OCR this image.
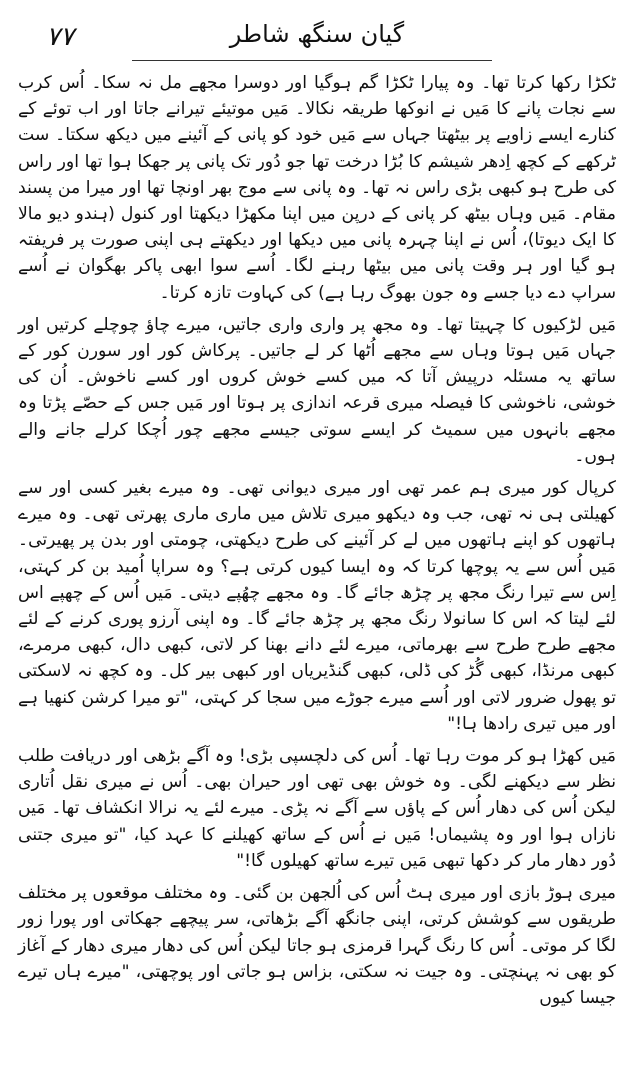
۷۷	گیان سنگھ شاطر

ٹکڑا رکھا کرتا تھا۔ وہ پیارا ٹکڑا گم ہوگیا اور دوسرا مجھے مل نہ سکا۔ اُس کرب سے نجات پانے کا مَیں نے انوکھا طریقہ نکالا۔ مَیں موتیئے تیرانے جاتا اور اب توئے کے کنارے ایسے زاویے پر بیٹھتا جہاں سے مَیں خود کو پانی کے آئینے میں دیکھ سکتا۔ ست ٹرکھے کے کچھ اِدھر شیشم کا بُڑا درخت تھا جو دُور تک پانی پر جھکا ہوا تھا اور راس کی طرح ہو کبھی بڑی راس نہ تھا۔ وہ پانی سے موج بھر اونچا تھا اور میرا من پسند مقام۔ مَیں وہاں بیٹھ کر پانی کے درپن میں اپنا مکھڑا دیکھتا اور کنول (ہندو دیو مالا کا ایک دیوتا)، اُس نے اپنا چہرہ پانی میں دیکھا اور دیکھتے ہی اپنی صورت پر فریفتہ ہو گیا اور ہر وقت پانی میں بیٹھا رہنے لگا۔ اُسے سوا ابھی پاکر بھگوان نے اُسے سراپ دے دیا جسے وہ جون بھوگ رہا ہے) کی کہاوت تازہ کرتا۔

مَیں لڑکیوں کا چہیتا تھا۔ وہ مجھ پر واری واری جاتیں، میرے چاؤ چوچلے کرتیں اور جہاں مَیں ہوتا وہاں سے مجھے اُٹھا کر لے جاتیں۔ پرکاش کور اور سورن کور کے ساتھ یہ مسئلہ درپیش آتا کہ میں کسے خوش کروں اور کسے ناخوش۔ اُن کی خوشی، ناخوشی کا فیصلہ میری قرعہ اندازی پر ہوتا اور مَیں جس کے حصّے پڑتا وہ مجھے بانہوں میں سمیٹ کر ایسے سوتی جیسے مجھے چور اُچکا کرلے جانے والے ہوں۔

کرپال کور میری ہم عمر تھی اور میری دیوانی تھی۔ وہ میرے بغیر کسی اور سے کھیلتی ہی نہ تھی، جب وہ دیکھو میری تلاش میں ماری ماری پھرتی تھی۔ وہ میرے ہاتھوں کو اپنے ہاتھوں میں لے کر آئینے کی طرح دیکھتی، چومتی اور بدن پر پھیرتی۔ مَیں اُس سے یہ پوچھا کرتا کہ وہ ایسا کیوں کرتی ہے؟ وہ سراپا اُمید بن کر کہتی، اِس سے تیرا رنگ مجھ پر چڑھ جائے گا۔ وہ مجھے چھُپے دیتی۔ مَیں اُس کے چھپے اس لئے لیتا کہ اس کا سانولا رنگ مجھ پر چڑھ جائے گا۔ وہ اپنی آرزو پوری کرنے کے لئے مجھے طرح طرح سے بھرماتی، میرے لئے دانے بھنا کر لاتی، کبھی دال، کبھی مرمرے، کبھی مرنڈا، کبھی گُڑ کی ڈلی، کبھی گنڈیریاں اور کبھی بیر کل۔ وہ کچھ نہ لاسکتی تو پھول ضرور لاتی اور اُسے میرے جوڑے میں سجا کر کہتی، "تو میرا کرشن کنھیا ہے اور میں تیری رادھا ہا!"

مَیں کھڑا ہو کر موت رہا تھا۔ اُس کی دلچسپی بڑی! وہ آگے بڑھی اور دریافت طلب نظر سے دیکھنے لگی۔ وہ خوش بھی تھی اور حیران بھی۔ اُس نے میری نقل اُتاری لیکن اُس کی دھار اُس کے پاؤں سے آگے نہ پڑی۔ میرے لئے یہ نرالا انکشاف تھا۔ مَیں نازاں ہوا اور وہ پشیماں! مَیں نے اُس کے ساتھ کھیلنے کا عہد کیا، "تو میری جتنی دُور دھار مار کر دکھا تبھی مَیں تیرے ساتھ کھیلوں گا!"

میری ہوڑ بازی اور میری ہٹ اُس کی اُلجھن بن گئی۔ وہ مختلف موقعوں پر مختلف طریقوں سے کوشش کرتی، اپنی جانگھ آگے بڑھاتی، سر پیچھے جھکاتی اور پورا زور لگا کر موتی۔ اُس کا رنگ گہرا قرمزی ہو جاتا لیکن اُس کی دھار میری دھار کے آغاز کو بھی نہ پہنچتی۔ وہ جیت نہ سکتی، بزاس ہو جاتی اور پوچھتی، "میرے ہاں تیرے جیسا کیوں
